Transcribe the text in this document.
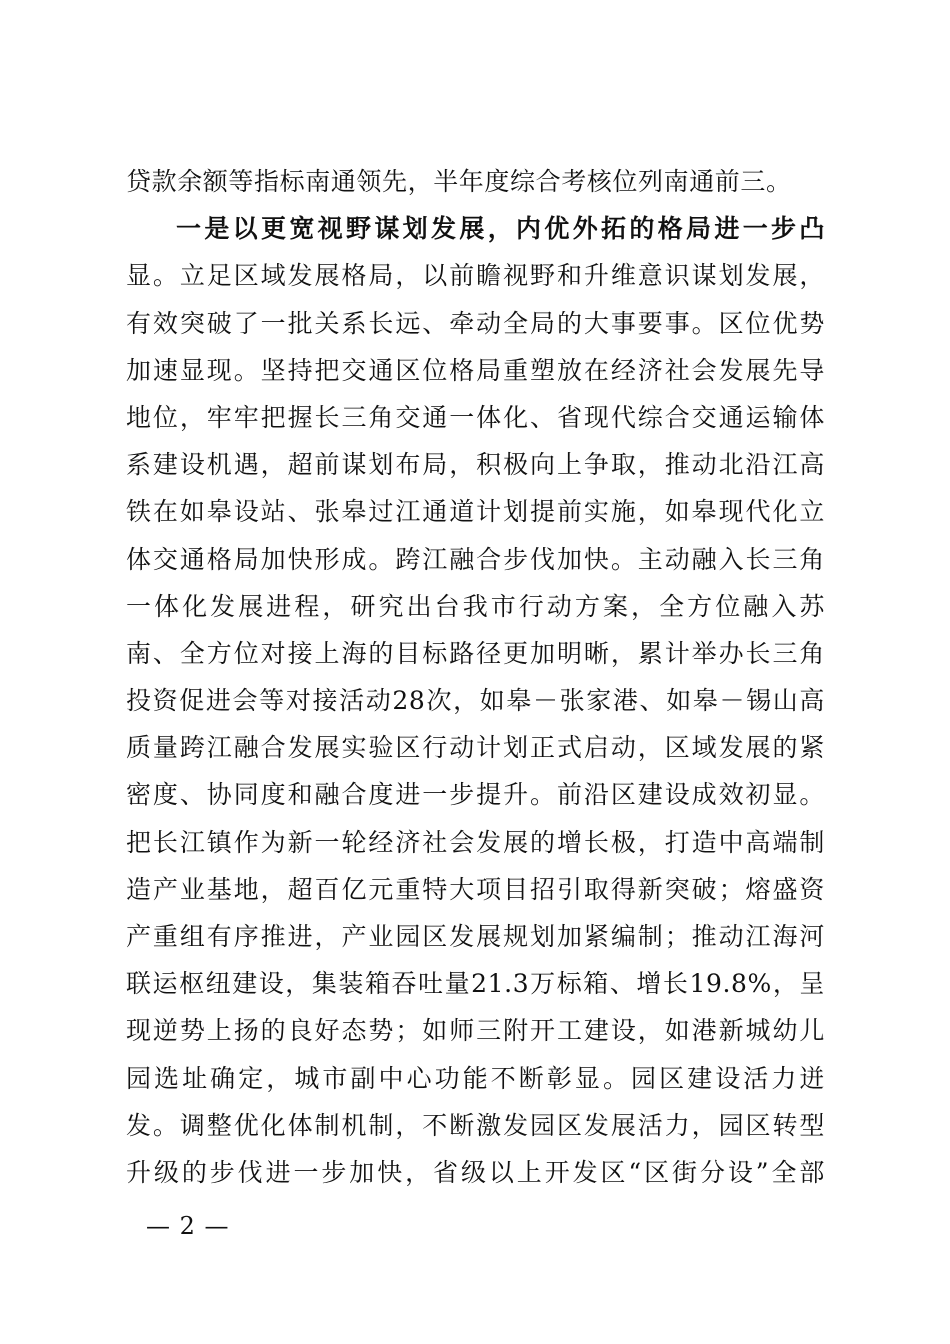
贷款余额等指标南通领先，半年度综合考核位列南通前三。
一是以更宽视野谋划发展，内优外拓的格局进一步凸
显。立足区域发展格局，以前瞻视野和升维意识谋划发展，
有效突破了一批关系长远、牵动全局的大事要事。区位优势
加速显现。坚持把交通区位格局重塑放在经济社会发展先导
地位，牢牢把握长三角交通一体化、省现代综合交通运输体
系建设机遇，超前谋划布局，积极向上争取，推动北沿江高
铁在如皋设站、张皋过江通道计划提前实施，如皋现代化立
体交通格局加快形成。跨江融合步伐加快。主动融入长三角
一体化发展进程，研究出台我市行动方案，全方位融入苏
南、全方位对接上海的目标路径更加明晰，累计举办长三角
投资促进会等对接活动28次，如皋－张家港、如皋－锡山高
质量跨江融合发展实验区行动计划正式启动，区域发展的紧
密度、协同度和融合度进一步提升。前沿区建设成效初显。
把长江镇作为新一轮经济社会发展的增长极，打造中高端制
造产业基地，超百亿元重特大项目招引取得新突破；熔盛资
产重组有序推进，产业园区发展规划加紧编制；推动江海河
联运枢纽建设，集装箱吞吐量21.3万标箱、增长19.8%，呈
现逆势上扬的良好态势；如师三附开工建设，如港新城幼儿
园选址确定，城市副中心功能不断彰显。园区建设活力迸
发。调整优化体制机制，不断激发园区发展活力，园区转型
升级的步伐进一步加快，省级以上开发区“区街分设”全部
— 2 —
